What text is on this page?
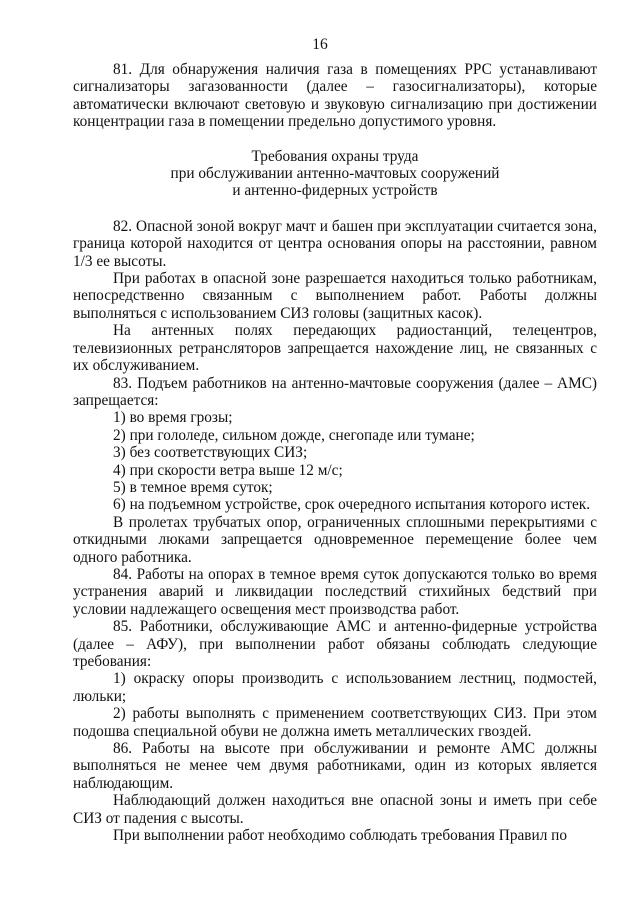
16

81. Для обнаружения наличия газа в помещениях РРС устанавливают сигнализаторы загазованности (далее – газосигнализаторы), которые автоматически включают световую и звуковую сигнализацию при достижении концентрации газа в помещении предельно допустимого уровня.

Требования охраны труда
при обслуживании антенно-мачтовых сооружений
и антенно-фидерных устройств

82. Опасной зоной вокруг мачт и башен при эксплуатации считается зона, граница которой находится от центра основания опоры на расстоянии, равном 1/3 ее высоты.

При работах в опасной зоне разрешается находиться только работникам, непосредственно связанным с выполнением работ. Работы должны выполняться с использованием СИЗ головы (защитных касок).

На антенных полях передающих радиостанций, телецентров, телевизионных ретрансляторов запрещается нахождение лиц, не связанных с их обслуживанием.

83. Подъем работников на антенно-мачтовые сооружения (далее – АМС) запрещается:

1) во время грозы;

2) при гололеде, сильном дожде, снегопаде или тумане;

3) без соответствующих СИЗ;

4) при скорости ветра выше 12 м/с;

5) в темное время суток;

6) на подъемном устройстве, срок очередного испытания которого истек.

В пролетах трубчатых опор, ограниченных сплошными перекрытиями с откидными люками запрещается одновременное перемещение более чем одного работника.

84. Работы на опорах в темное время суток допускаются только во время устранения аварий и ликвидации последствий стихийных бедствий при условии надлежащего освещения мест производства работ.

85. Работники, обслуживающие АМС и антенно-фидерные устройства (далее – АФУ), при выполнении работ обязаны соблюдать следующие требования:

1) окраску опоры производить с использованием лестниц, подмостей, люльки;

2) работы выполнять с применением соответствующих СИЗ. При этом подошва специальной обуви не должна иметь металлических гвоздей.

86. Работы на высоте при обслуживании и ремонте АМС должны выполняться не менее чем двумя работниками, один из которых является наблюдающим.

Наблюдающий должен находиться вне опасной зоны и иметь при себе СИЗ от падения с высоты.

При выполнении работ необходимо соблюдать требования Правил по
